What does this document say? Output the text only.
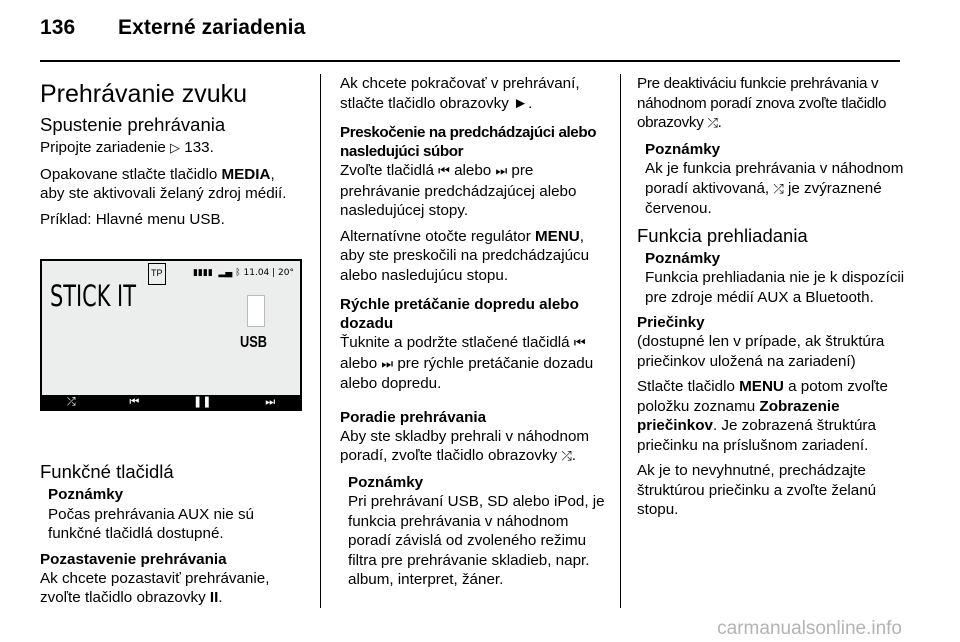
136 Externé zariadenia
Prehrávanie zvuku
Spustenie prehrávania

Pripojte zariadenie ▷ 133.

Opakovane stlačte tlačidlo MEDIA, aby ste aktivovali želaný zdroj médií.

Príklad: Hlavné menu USB.

TP	▮▮▮▮ ▂▄ ᛒ 11.04 | 20°
STICK IT
USB
⤮	⏮	❚❚	⏭
Funkčné tlačidlá
Poznámky
Počas prehrávania AUX nie sú funkčné tlačidlá dostupné.
Pozastavenie prehrávania

Ak chcete pozastaviť prehrávanie, zvoľte tlačidlo obrazovky II.

Ak chcete pokračovať v prehrávaní, stlačte tlačidlo obrazovky ►.

Preskočenie na predchádzajúci alebo nasledujúci súbor

Zvoľte tlačidlá ⏮ alebo ⏭ pre prehrávanie predchádzajúcej alebo nasledujúcej stopy.

Alternatívne otočte regulátor MENU, aby ste preskočili na predchádzajúcu alebo nasledujúcu stopu.

Rýchle pretáčanie dopredu alebo dozadu

Ťuknite a podržte stlačené tlačidlá ⏮ alebo ⏭ pre rýchle pretáčanie dozadu alebo dopredu.

Poradie prehrávania

Aby ste skladby prehrali v náhodnom poradí, zvoľte tlačidlo obrazovky ⤮.

Poznámky
Pri prehrávaní USB, SD alebo iPod, je funkcia prehrávania v náhodnom poradí závislá od zvoleného režimu filtra pre prehrávanie skladieb, napr. album, interpret, žáner.

Pre deaktiváciu funkcie prehrávania v náhodnom poradí znova zvoľte tlačidlo obrazovky ⤮.

Poznámky
Ak je funkcia prehrávania v náhodnom poradí aktivovaná, ⤮ je zvýraznené červenou.
Funkcia prehliadania
Poznámky
Funkcia prehliadania nie je k dispozícii pre zdroje médií AUX a Bluetooth.
Priečinky

(dostupné len v prípade, ak štruktúra priečinkov uložená na zariadení)

Stlačte tlačidlo MENU a potom zvoľte položku zoznamu Zobrazenie priečinkov. Je zobrazená štruktúra priečinku na príslušnom zariadení.

Ak je to nevyhnutné, prechádzajte štruktúrou priečinku a zvoľte želanú stopu.

carmanualsonline.info
